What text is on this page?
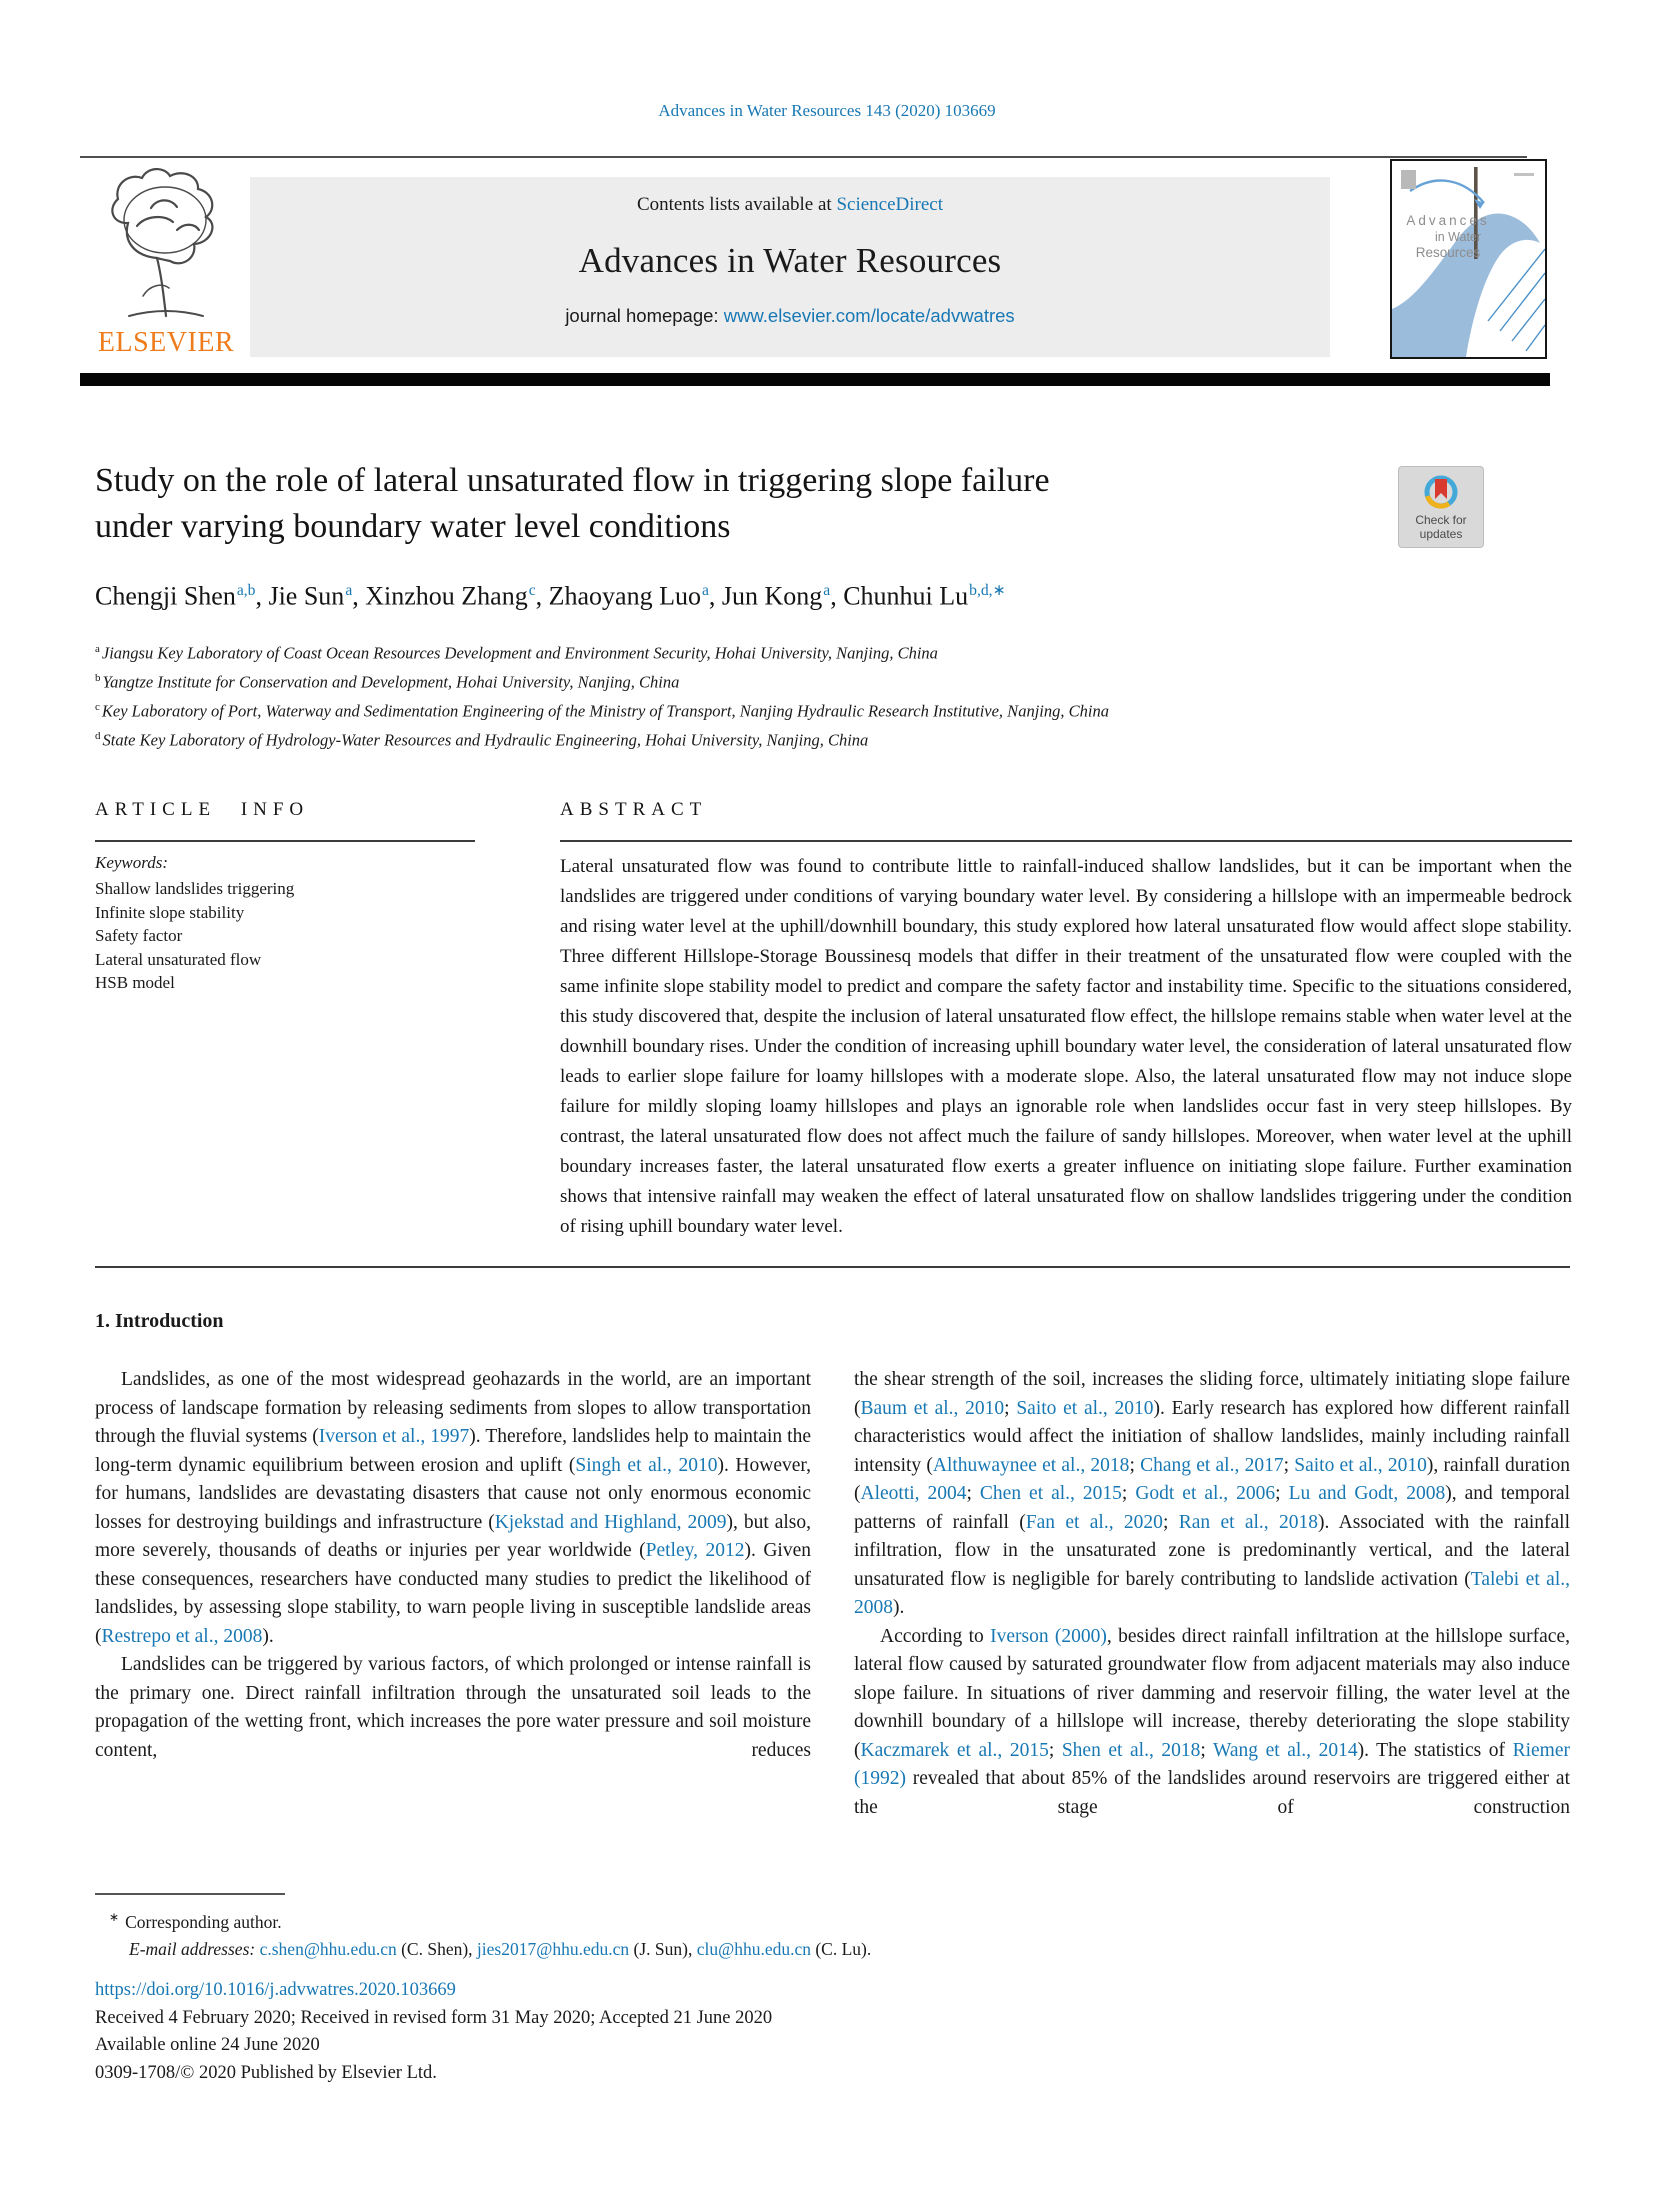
Advances in Water Resources 143 (2020) 103669
ELSEVIER
Contents lists available at ScienceDirect
Advances in Water Resources
journal homepage: www.elsevier.com/locate/advwatres
Advances
in Water
Resources
Study on the role of lateral unsaturated flow in triggering slope failure
under varying boundary water level conditions	Check for
updates
Chengji Shen$^{a,b}$, Jie Sun$^a$, Xinzhou Zhang$^c$, Zhaoyang Luo$^a$, Jun Kong$^a$, Chunhui $Lu^{b,d,∗}$
$^a$ Jiangsu Key Laboratory of Coast Ocean Resources Development and Environment Security, Hohai University, Nanjing, China
$^b$ Yangtze Institute for Conservation and Development, Hohai University, Nanjing, China
$^c$ Key Laboratory of Port, Waterway and Sedimentation Engineering of the Ministry of Transport, Nanjing Hydraulic Research Institutive, Nanjing, China
$^d$ State Key Laboratory of Hydrology-Water Resources and Hydraulic Engineering, Hohai University, Nanjing, China
ARTICLE INFO
Keywords:
Shallow landslides triggering
Infinite slope stability
Safety factor
Lateral unsaturated flow
HSB model
ABSTRACT
Lateral unsaturated flow was found to contribute little to rainfall-induced shallow landslides, but it can be important when the landslides are triggered under conditions of varying boundary water level. By considering a hillslope with an impermeable bedrock and rising water level at the uphill/downhill boundary, this study explored how lateral unsaturated flow would affect slope stability. Three different Hillslope-Storage Boussinesq models that differ in their treatment of the unsaturated flow were coupled with the same infinite slope stability model to predict and compare the safety factor and instability time. Specific to the situations considered, this study discovered that, despite the inclusion of lateral unsaturated flow effect, the hillslope remains stable when water level at the downhill boundary rises. Under the condition of increasing uphill boundary water level, the consideration of lateral unsaturated flow leads to earlier slope failure for loamy hillslopes with a moderate slope. Also, the lateral unsaturated flow may not induce slope failure for mildly sloping loamy hillslopes and plays an ignorable role when landslides occur fast in very steep hillslopes. By contrast, the lateral unsaturated flow does not affect much the failure of sandy hillslopes. Moreover, when water level at the uphill boundary increases faster, the lateral unsaturated flow exerts a greater influence on initiating slope failure. Further examination shows that intensive rainfall may weaken the effect of lateral unsaturated flow on shallow landslides triggering under the condition of rising uphill boundary water level.
1. Introduction

Landslides, as one of the most widespread geohazards in the world, are an important process of landscape formation by releasing sediments from slopes to allow transportation through the fluvial systems (Iverson et al., 1997). Therefore, landslides help to maintain the long-term dynamic equilibrium between erosion and uplift (Singh et al., 2010). However, for humans, landslides are devastating disasters that cause not only enormous economic losses for destroying buildings and infrastructure (Kjekstad and Highland, 2009), but also, more severely, thousands of deaths or injuries per year worldwide (Petley, 2012). Given these consequences, researchers have conducted many studies to predict the likelihood of landslides, by assessing slope stability, to warn people living in susceptible landslide areas (Restrepo et al., 2008).

Landslides can be triggered by various factors, of which prolonged or intense rainfall is the primary one. Direct rainfall infiltration through the unsaturated soil leads to the propagation of the wetting front, which increases the pore water pressure and soil moisture content, reduces

the shear strength of the soil, increases the sliding force, ultimately initiating slope failure (Baum et al., 2010; Saito et al., 2010). Early research has explored how different rainfall characteristics would affect the initiation of shallow landslides, mainly including rainfall intensity (Althuwaynee et al., 2018; Chang et al., 2017; Saito et al., 2010), rainfall duration (Aleotti, 2004; Chen et al., 2015; Godt et al., 2006; Lu and Godt, 2008), and temporal patterns of rainfall (Fan et al., 2020; Ran et al., 2018). Associated with the rainfall infiltration, flow in the unsaturated zone is predominantly vertical, and the lateral unsaturated flow is negligible for barely contributing to landslide activation (Talebi et al., 2008).

According to Iverson (2000), besides direct rainfall infiltration at the hillslope surface, lateral flow caused by saturated groundwater flow from adjacent materials may also induce slope failure. In situations of river damming and reservoir filling, the water level at the downhill boundary of a hillslope will increase, thereby deteriorating the slope stability (Kaczmarek et al., 2015; Shen et al., 2018; Wang et al., 2014). The statistics of Riemer (1992) revealed that about 85% of the landslides around reservoirs are triggered either at the stage of construction

∗ Corresponding author.
E-mail addresses: c.shen@hhu.edu.cn (C. Shen), jies2017@hhu.edu.cn (J. Sun), clu@hhu.edu.cn (C. Lu).
https://doi.org/10.1016/j.advwatres.2020.103669
Received 4 February 2020; Received in revised form 31 May 2020; Accepted 21 June 2020
Available online 24 June 2020
0309-1708/© 2020 Published by Elsevier Ltd.
